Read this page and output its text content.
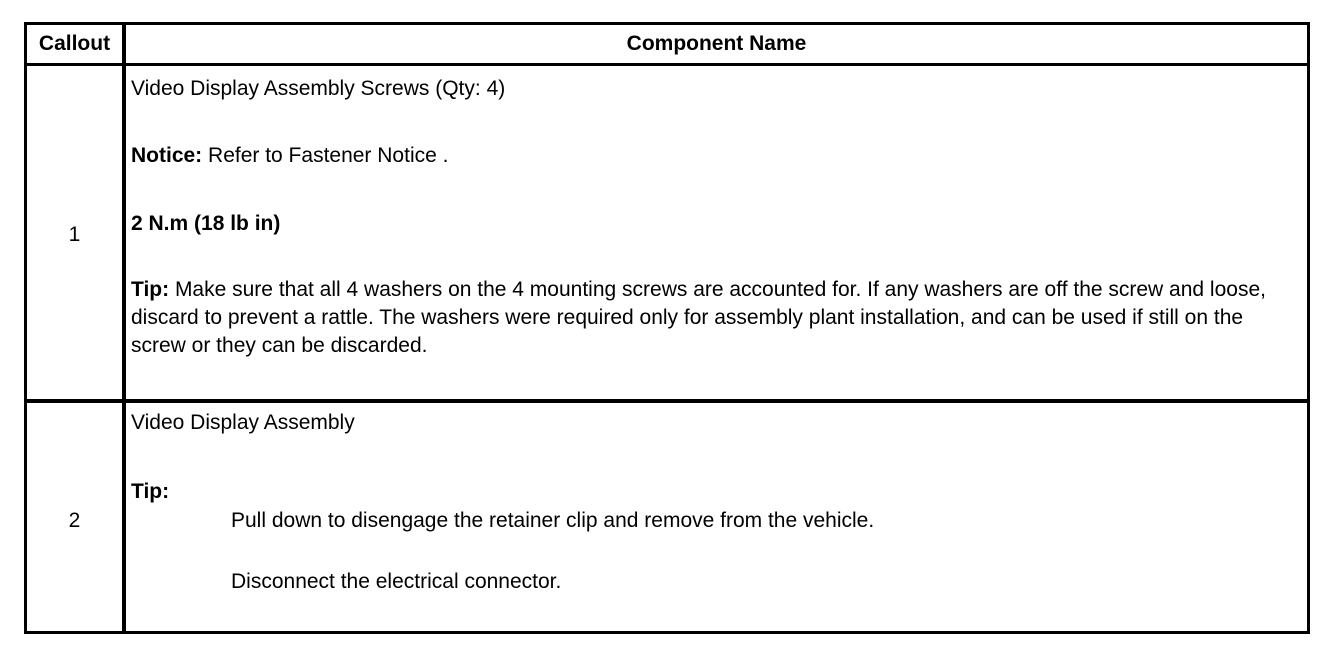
Callout	Component Name
1
Video Display Assembly Screws (Qty: 4)
Notice: Refer to Fastener Notice .
2 N.m (18 lb in)
Tip: Make sure that all 4 washers on the 4 mounting screws are accounted for. If any washers are off the screw and loose, discard to prevent a rattle. The washers were required only for assembly plant installation, and can be used if still on the screw or they can be discarded.
2
Video Display Assembly
Tip:
Pull down to disengage the retainer clip and remove from the vehicle.
Disconnect the electrical connector.
